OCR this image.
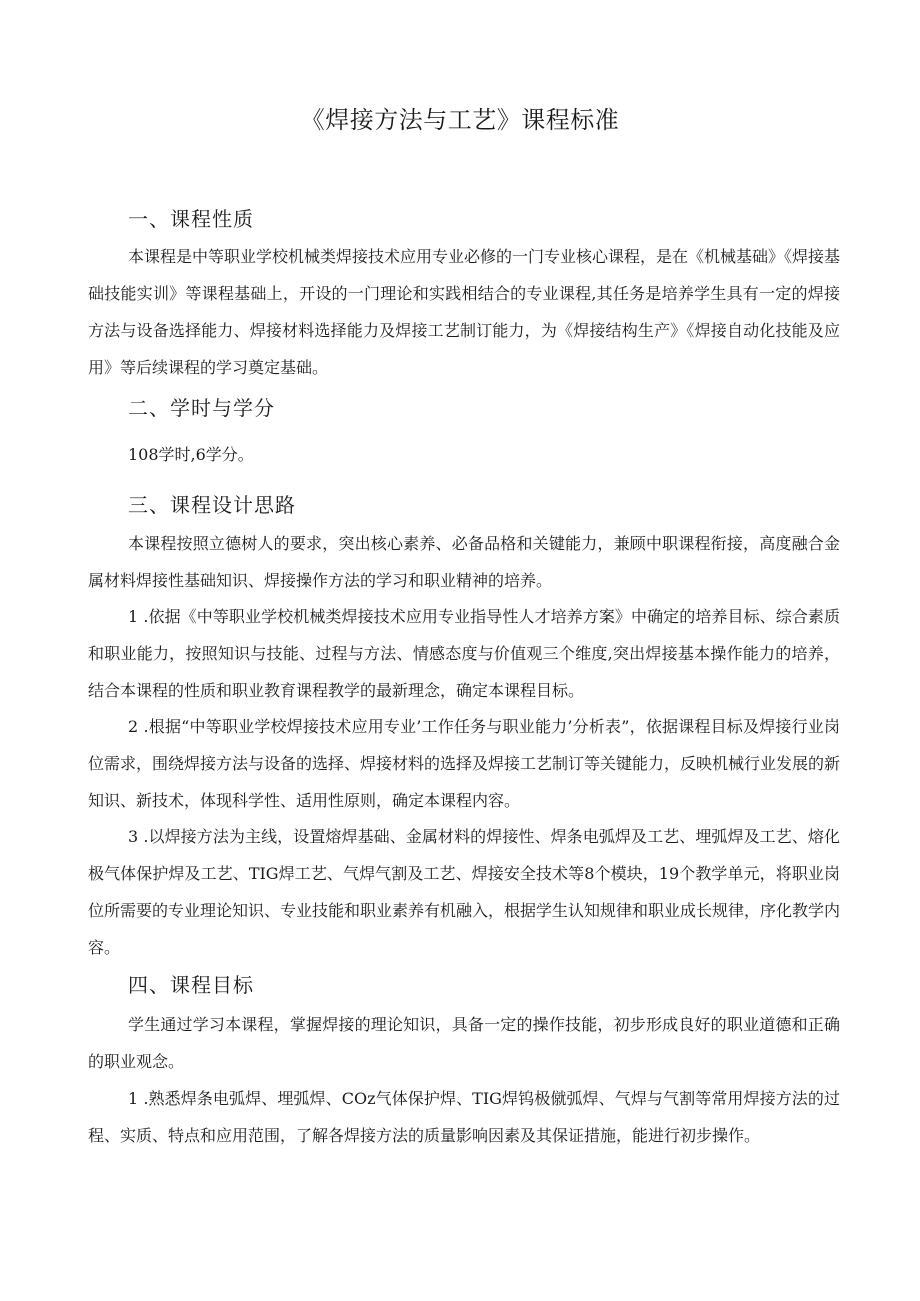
《焊接方法与工艺》课程标准
一、课程性质
本课程是中等职业学校机械类焊接技术应用专业必修的一门专业核心课程，是在《机械基础》《焊接基础技能实训》等课程基础上，开设的一门理论和实践相结合的专业课程,其任务是培养学生具有一定的焊接方法与设备选择能力、焊接材料选择能力及焊接工艺制订能力，为《焊接结构生产》《焊接自动化技能及应用》等后续课程的学习奠定基础。
二、学时与学分
108学时,6学分。
三、课程设计思路
本课程按照立德树人的要求，突出核心素养、必备品格和关键能力，兼顾中职课程衔接，高度融合金属材料焊接性基础知识、焊接操作方法的学习和职业精神的培养。
1 .依据《中等职业学校机械类焊接技术应用专业指导性人才培养方案》中确定的培养目标、综合素质和职业能力，按照知识与技能、过程与方法、情感态度与价值观三个维度,突出焊接基本操作能力的培养，结合本课程的性质和职业教育课程教学的最新理念，确定本课程目标。
2 .根据“中等职业学校焊接技术应用专业’工作任务与职业能力’分析表”，依据课程目标及焊接行业岗位需求，围绕焊接方法与设备的选择、焊接材料的选择及焊接工艺制订等关键能力，反映机械行业发展的新知识、新技术，体现科学性、适用性原则，确定本课程内容。
3 .以焊接方法为主线，设置熔焊基础、金属材料的焊接性、焊条电弧焊及工艺、埋弧焊及工艺、熔化极气体保护焊及工艺、TIG焊工艺、气焊气割及工艺、焊接安全技术等8个模块，19个教学单元，将职业岗位所需要的专业理论知识、专业技能和职业素养有机融入，根据学生认知规律和职业成长规律，序化教学内容。
四、课程目标
学生通过学习本课程，掌握焊接的理论知识，具备一定的操作技能，初步形成良好的职业道德和正确的职业观念。
1 .熟悉焊条电弧焊、埋弧焊、COz气体保护焊、TIG焊钨极僦弧焊、气焊与气割等常用焊接方法的过程、实质、特点和应用范围，了解各焊接方法的质量影响因素及其保证措施，能进行初步操作。
